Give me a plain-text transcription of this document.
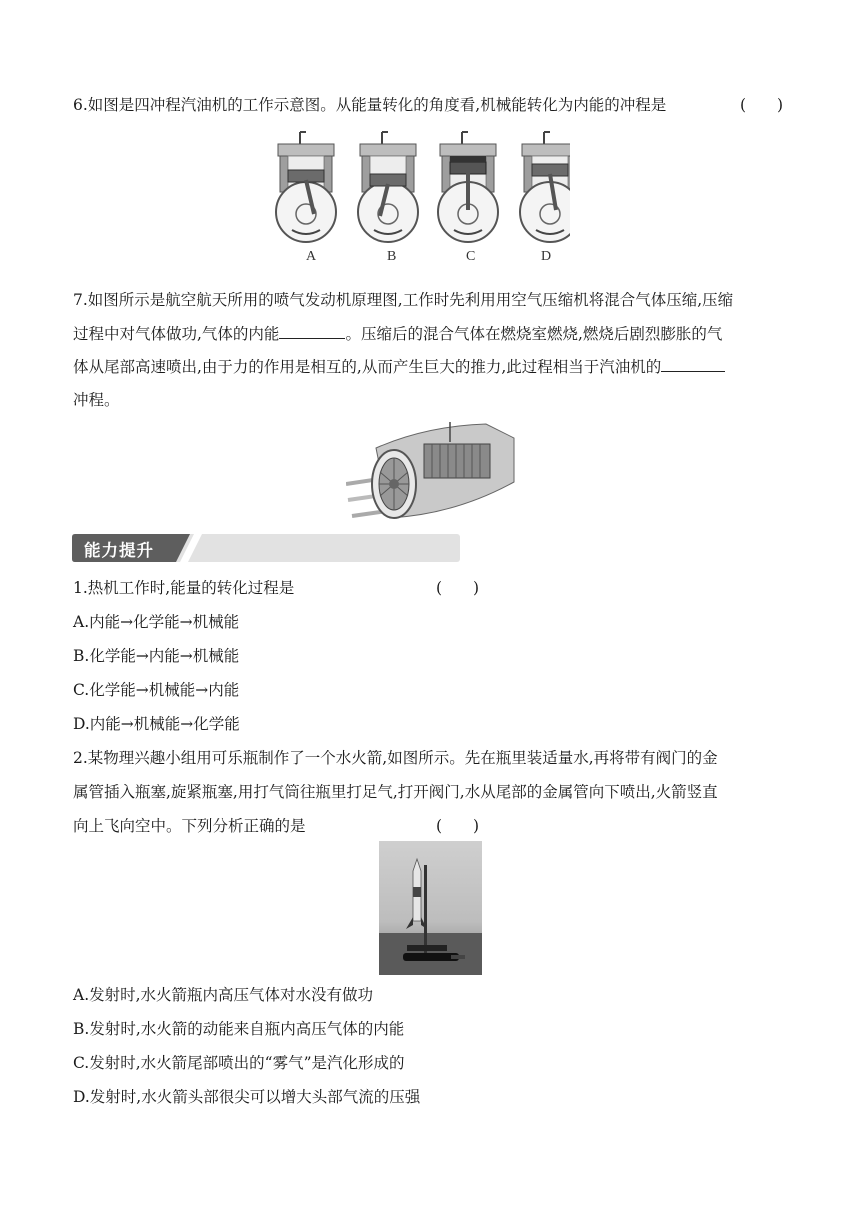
6.如图是四冲程汽油机的工作示意图。从能量转化的角度看,机械能转化为内能的冲程是	(　　)
A	B	C	D
7.如图所示是航空航天所用的喷气发动机原理图,工作时先利用用空气压缩机将混合气体压缩,压缩
过程中对气体做功,气体的内能	。压缩后的混合气体在燃烧室燃烧,燃烧后剧烈膨胀的气
体从尾部高速喷出,由于力的作用是相互的,从而产生巨大的推力,此过程相当于汽油机的
冲程。
能力提升
1.热机工作时,能量的转化过程是	(　　)
A.内能→化学能→机械能
B.化学能→内能→机械能
C.化学能→机械能→内能
D.内能→机械能→化学能
2.某物理兴趣小组用可乐瓶制作了一个水火箭,如图所示。先在瓶里装适量水,再将带有阀门的金
属管插入瓶塞,旋紧瓶塞,用打气筒往瓶里打足气,打开阀门,水从尾部的金属管向下喷出,火箭竖直
向上飞向空中。下列分析正确的是	(　　)
A.发射时,水火箭瓶内高压气体对水没有做功
B.发射时,水火箭的动能来自瓶内高压气体的内能
C.发射时,水火箭尾部喷出的“雾气”是汽化形成的
D.发射时,水火箭头部很尖可以增大头部气流的压强
